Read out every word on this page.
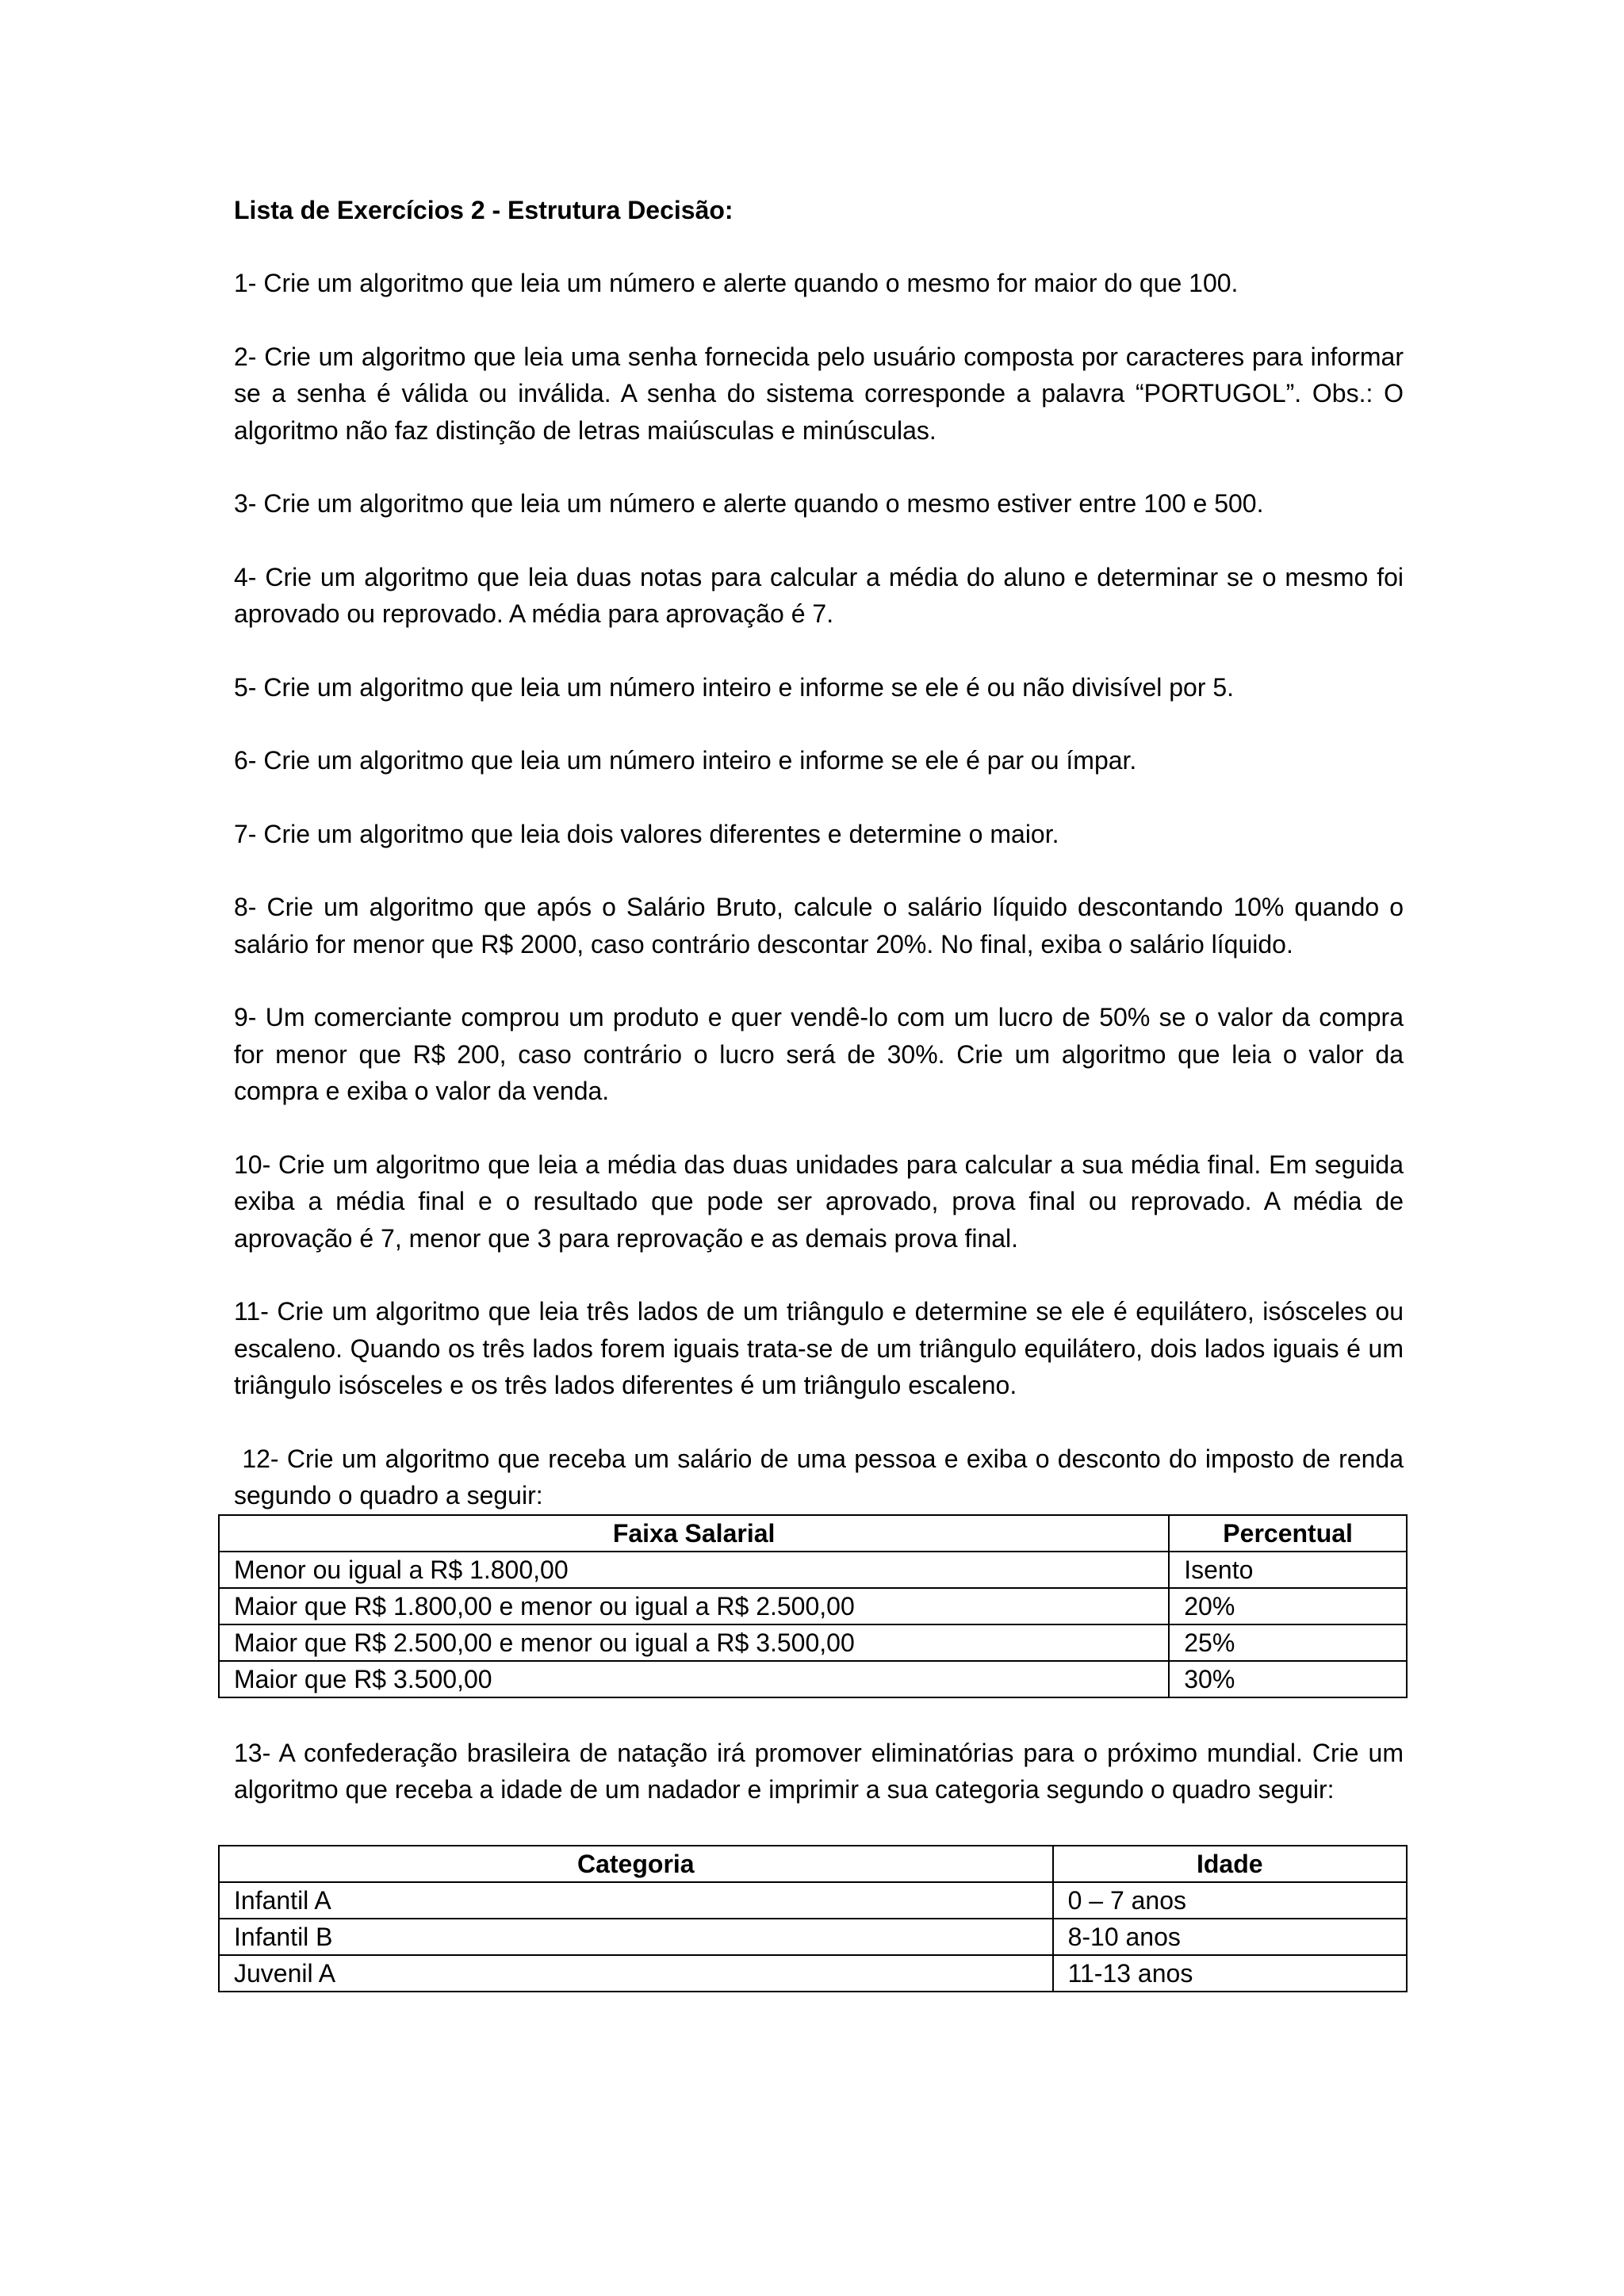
Lista de Exercícios 2 - Estrutura Decisão:

1- Crie um algoritmo que leia um número e alerte quando o mesmo for maior do que 100.

2- Crie um algoritmo que leia uma senha fornecida pelo usuário composta por caracteres para informar se a senha é válida ou inválida. A senha do sistema corresponde a palavra “PORTUGOL”. Obs.: O algoritmo não faz distinção de letras maiúsculas e minúsculas.

3- Crie um algoritmo que leia um número e alerte quando o mesmo estiver entre 100 e 500.

4- Crie um algoritmo que leia duas notas para calcular a média do aluno e determinar se o mesmo foi aprovado ou reprovado. A média para aprovação é 7.

5- Crie um algoritmo que leia um número inteiro e informe se ele é ou não divisível por 5.

6- Crie um algoritmo que leia um número inteiro e informe se ele é par ou ímpar.

7- Crie um algoritmo que leia dois valores diferentes e determine o maior.

8- Crie um algoritmo que após o Salário Bruto, calcule o salário líquido descontando 10% quando o salário for menor que R$ 2000, caso contrário descontar 20%. No final, exiba o salário líquido.

9- Um comerciante comprou um produto e quer vendê-lo com um lucro de 50% se o valor da compra for menor que R$ 200, caso contrário o lucro será de 30%. Crie um algoritmo que leia o valor da compra e exiba o valor da venda.

10- Crie um algoritmo que leia a média das duas unidades para calcular a sua média final. Em seguida exiba a média final e o resultado que pode ser aprovado, prova final ou reprovado. A média de aprovação é 7, menor que 3 para reprovação e as demais prova final.

11- Crie um algoritmo que leia três lados de um triângulo e determine se ele é equilátero, isósceles ou escaleno. Quando os três lados forem iguais trata-se de um triângulo equilátero, dois lados iguais é um triângulo isósceles e os três lados diferentes é um triângulo escaleno.

12- Crie um algoritmo que receba um salário de uma pessoa e exiba o desconto do imposto de renda segundo o quadro a seguir:

Faixa Salarial	Percentual
Menor ou igual a R$ 1.800,00	Isento
Maior que R$ 1.800,00 e menor ou igual a R$ 2.500,00	20%
Maior que R$ 2.500,00 e menor ou igual a R$ 3.500,00	25%
Maior que R$ 3.500,00	30%

13- A confederação brasileira de natação irá promover eliminatórias para o próximo mundial. Crie um algoritmo que receba a idade de um nadador e imprimir a sua categoria segundo o quadro seguir:

Categoria	Idade
Infantil A	0 – 7 anos
Infantil B	8-10 anos
Juvenil A	11-13 anos
